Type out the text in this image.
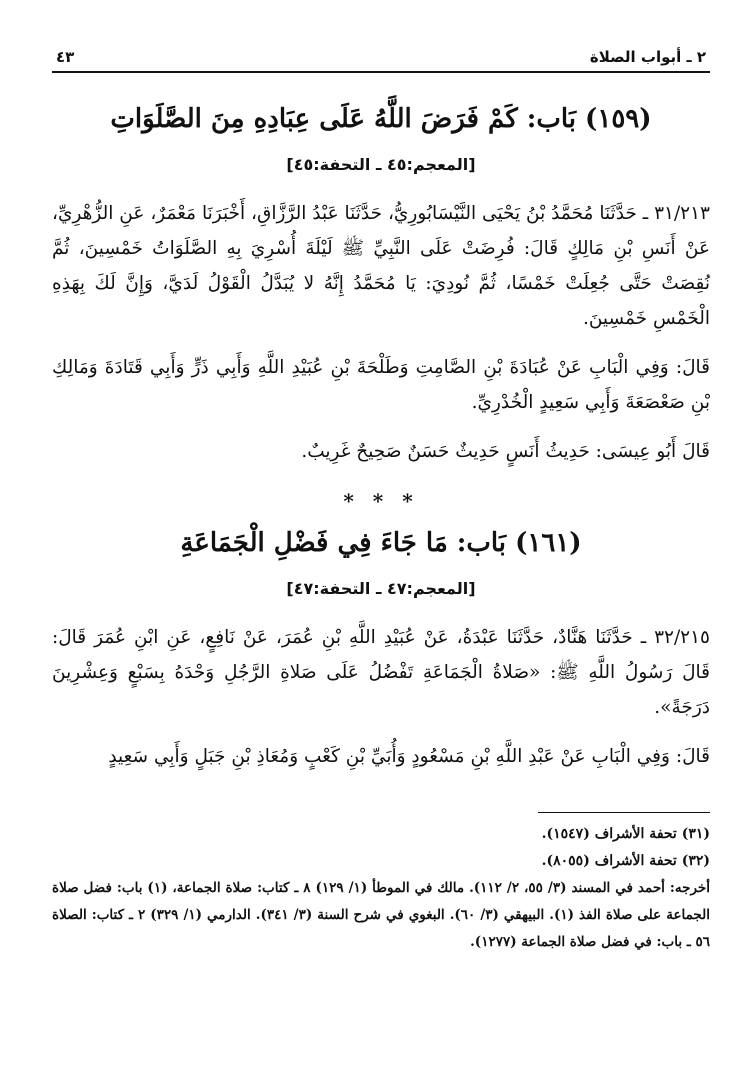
٢ ـ أبواب الصلاة
٤٣
(١٥٩) بَاب: كَمْ فَرَضَ اللَّهُ عَلَى عِبَادِهِ مِنَ الصَّلَوَاتِ
[المعجم:٤٥ ـ التحفة:٤٥]

٣١/٢١٣ ـ حَدَّثَنَا مُحَمَّدُ بْنُ يَحْيَى النَّيْسَابُورِيُّ، حَدَّثَنَا عَبْدُ الرَّزَّاقِ، أَخْبَرَنَا مَعْمَرٌ، عَنِ الزُّهْرِيِّ، عَنْ أَنَسِ بْنِ مَالِكٍ قَالَ: فُرِضَتْ عَلَى النَّبِيِّ ﷺ لَيْلَةَ أُسْرِيَ بِهِ الصَّلَوَاتُ خَمْسِينَ، ثُمَّ نُقِصَتْ حَتَّى جُعِلَتْ خَمْسًا، ثُمَّ نُودِيَ: يَا مُحَمَّدُ إِنَّهُ لا يُبَدَّلُ الْقَوْلُ لَدَيَّ، وَإِنَّ لَكَ بِهَذِهِ الْخَمْسِ خَمْسِينَ.

قَالَ: وَفِي الْبَابِ عَنْ عُبَادَةَ بْنِ الصَّامِتِ وَطَلْحَةَ بْنِ عُبَيْدِ اللَّهِ وَأَبِي ذَرٍّ وَأَبِي قَتَادَةَ وَمَالِكِ بْنِ صَعْصَعَةَ وَأَبِي سَعِيدٍ الْخُدْرِيِّ.

قَالَ أَبُو عِيسَى: حَدِيثُ أَنَسٍ حَدِيثٌ حَسَنٌ صَحِيحٌ غَرِيبٌ.

* * *
(١٦١) بَاب: مَا جَاءَ فِي فَضْلِ الْجَمَاعَةِ
[المعجم:٤٧ ـ التحفة:٤٧]

٣٢/٢١٥ ـ حَدَّثَنَا هَنَّادٌ، حَدَّثَنَا عَبْدَةُ، عَنْ عُبَيْدِ اللَّهِ بْنِ عُمَرَ، عَنْ نَافِعٍ، عَنِ ابْنِ عُمَرَ قَالَ: قَالَ رَسُولُ اللَّهِ ﷺ: «صَلاةُ الْجَمَاعَةِ تَفْضُلُ عَلَى صَلاةِ الرَّجُلِ وَحْدَهُ بِسَبْعٍ وَعِشْرِينَ دَرَجَةً».

قَالَ: وَفِي الْبَابِ عَنْ عَبْدِ اللَّهِ بْنِ مَسْعُودٍ وَأُبَيِّ بْنِ كَعْبٍ وَمُعَاذِ بْنِ جَبَلٍ وَأَبِي سَعِيدٍ

(٣١) تحفة الأشراف (١٥٤٧).

(٣٢) تحفة الأشراف (٨٠٥٥).

أخرجه: أحمد في المسند (٣/ ٥٥، ٢/ ١١٢). مالك في الموطأ (١/ ١٢٩) ٨ ـ كتاب: صلاة الجماعة، (١) باب: فضل صلاة الجماعة على صلاة الفذ (١). البيهقي (٣/ ٦٠). البغوي في شرح السنة (٣/ ٣٤١). الدارمي (١/ ٣٢٩) ٢ ـ كتاب: الصلاة ٥٦ ـ باب: في فضل صلاة الجماعة (١٢٧٧).
